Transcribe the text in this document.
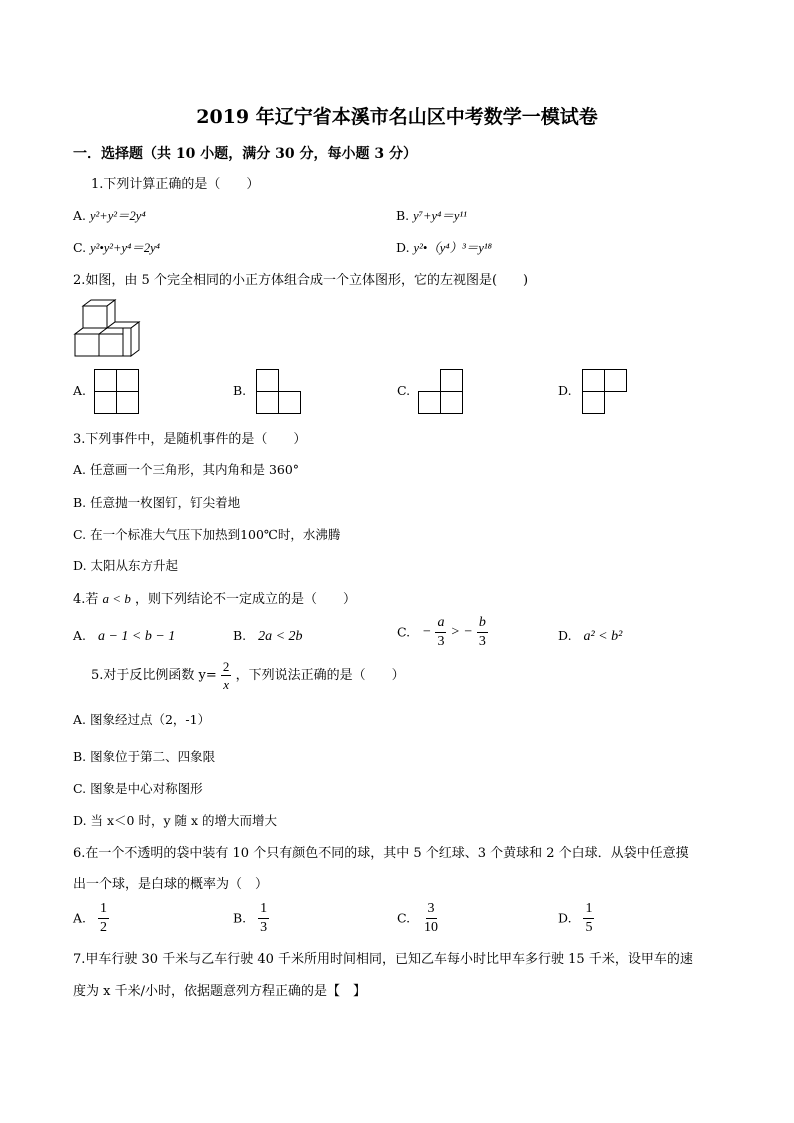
2019 年辽宁省本溪市名山区中考数学一模试卷
一．选择题（共 10 小题，满分 30 分，每小题 3 分）
1.下列计算正确的是（　　）
A. y²+y²＝2y⁴	B. y⁷+y⁴＝y¹¹
C. y²•y²+y⁴＝2y⁴	D. y²•（y⁴）³＝y¹⁸
2.如图，由 5 个完全相同的小正方体组合成一个立体图形，它的左视图是(　　)
A.	B.	C.	D.
3.下列事件中，是随机事件的是（　　）
A. 任意画一个三角形，其内角和是 360°
B. 任意抛一枚图钉，钉尖着地
C. 在一个标准大气压下加热到100℃时，水沸腾
D. 太阳从东方升起
4.若 a < b ，则下列结论不一定成立的是（　　）
A. a − 1 < b − 1	B. 2a < 2b	C. − $\frac{a}{3}$ > − $\frac{b}{3}$	D. a² < b²
5.对于反比例函数 $y= \frac{2}{x}$ ，下列说法正确的是（　　）
A. 图象经过点（2，-1）
B. 图象位于第二、四象限
C. 图象是中心对称图形
D. 当 x＜0 时，y 随 x 的增大而增大
6.在一个不透明的袋中装有 10 个只有颜色不同的球，其中 5 个红球、3 个黄球和 2 个白球．从袋中任意摸
出一个球，是白球的概率为（　）
A. $\frac{1}{2}$	B. $\frac{1}{3}$	C. $\frac{3}{10}$	D. $\frac{1}{5}$
7.甲车行驶 30 千米与乙车行驶 40 千米所用时间相同，已知乙车每小时比甲车多行驶 15 千米，设甲车的速
度为 x 千米/小时，依据题意列方程正确的是【　】
